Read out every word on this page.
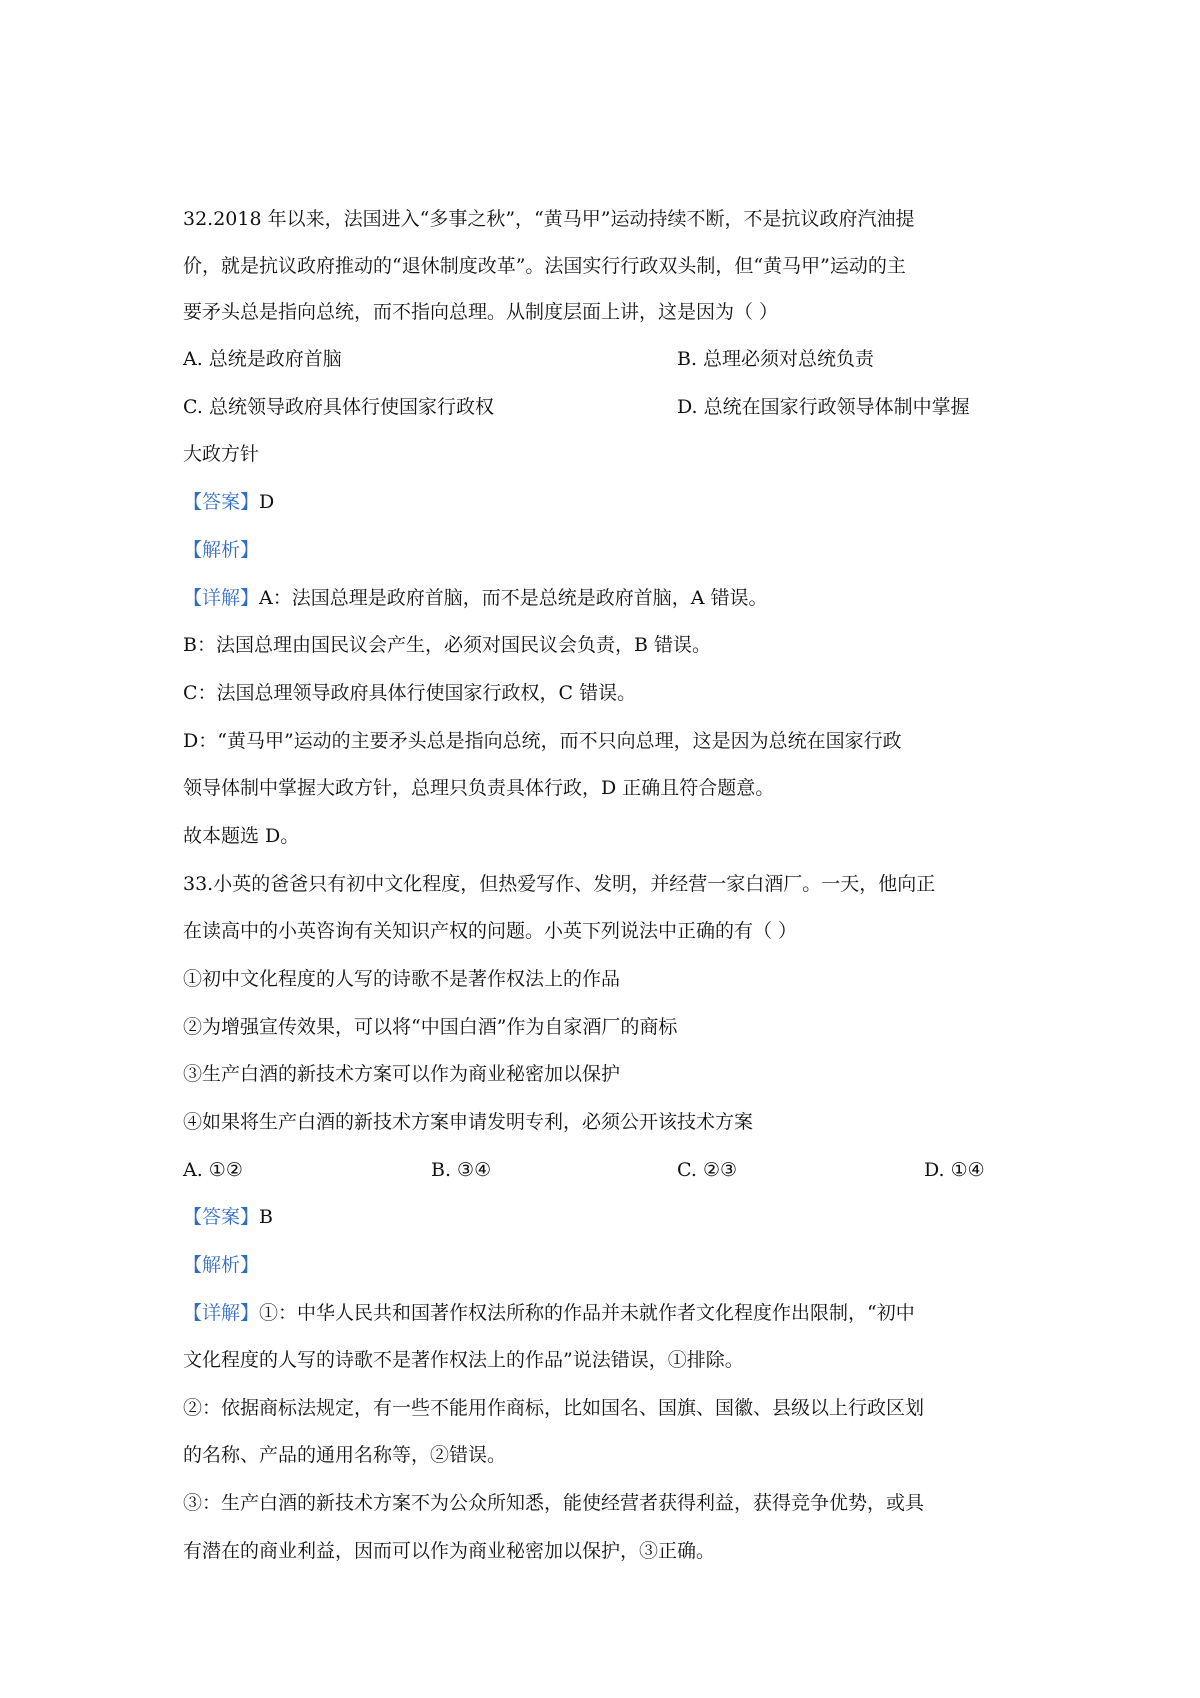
32.2018 年以来，法国进入“多事之秋”，“黄马甲”运动持续不断，不是抗议政府汽油提
价，就是抗议政府推动的“退休制度改革”。法国实行行政双头制，但“黄马甲”运动的主
要矛头总是指向总统，而不指向总理。从制度层面上讲，这是因为（ ）
A. 总统是政府首脑	B. 总理必须对总统负责
C. 总统领导政府具体行使国家行政权	D. 总统在国家行政领导体制中掌握
大政方针
【答案】D
【解析】
【详解】A：法国总理是政府首脑，而不是总统是政府首脑，A 错误。
B：法国总理由国民议会产生，必须对国民议会负责，B 错误。
C：法国总理领导政府具体行使国家行政权，C 错误。
D：“黄马甲”运动的主要矛头总是指向总统，而不只向总理，这是因为总统在国家行政
领导体制中掌握大政方针，总理只负责具体行政，D 正确且符合题意。
故本题选 D。
33.小英的爸爸只有初中文化程度，但热爱写作、发明，并经营一家白酒厂。一天，他向正
在读高中的小英咨询有关知识产权的问题。小英下列说法中正确的有（ ）
①初中文化程度的人写的诗歌不是著作权法上的作品
②为增强宣传效果，可以将“中国白酒”作为自家酒厂的商标
③生产白酒的新技术方案可以作为商业秘密加以保护
④如果将生产白酒的新技术方案申请发明专利，必须公开该技术方案
A. ①②	B. ③④	C. ②③	D. ①④
【答案】B
【解析】
【详解】①：中华人民共和国著作权法所称的作品并未就作者文化程度作出限制，“初中
文化程度的人写的诗歌不是著作权法上的作品”说法错误，①排除。
②：依据商标法规定，有一些不能用作商标，比如国名、国旗、国徽、县级以上行政区划
的名称、产品的通用名称等，②错误。
③：生产白酒的新技术方案不为公众所知悉，能使经营者获得利益，获得竞争优势，或具
有潜在的商业利益，因而可以作为商业秘密加以保护，③正确。
